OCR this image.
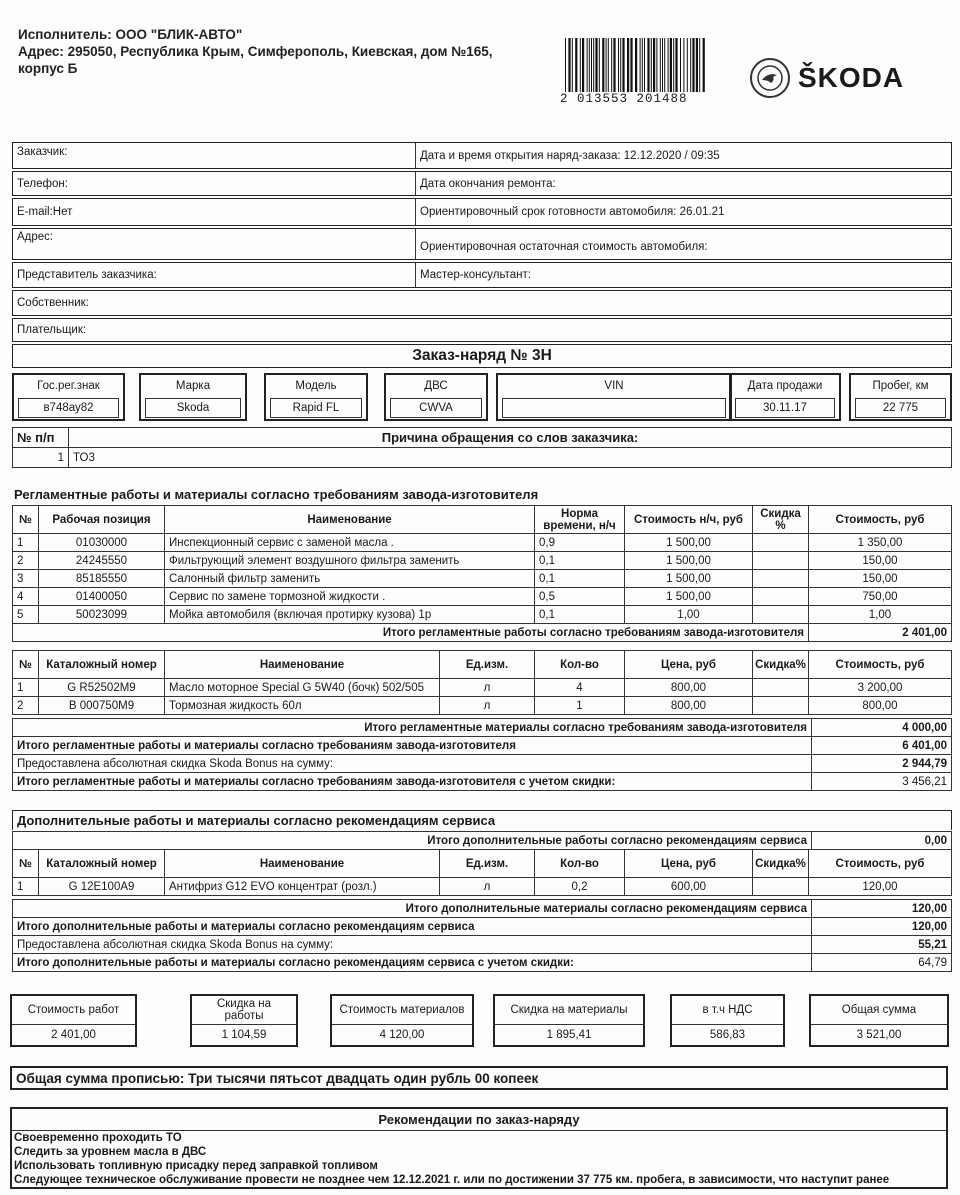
Исполнитель: ООО "БЛИК-АВТО"
Адрес: 295050, Республика Крым, Симферополь, Киевская, дом №165,
корпус Б
2 013553 201488
ŠKODA
Заказчик:	Дата и время открытия наряд-заказа: 12.12.2020 / 09:35
Телефон:	Дата окончания ремонта:
E-mail:Нет	Ориентировочный срок готовности автомобиля: 26.01.21
Адрес:
Ориентировочная остаточная стоимость автомобиля:
Представитель заказчика:	Мастер-консультант:
Собственник:
Плательщик:
Заказ-наряд № 3Н
Гос.рег.знак
в748ау82
Марка
Skoda
Модель
Rapid FL
ДВС
CWVA
VIN	Дата продажи
30.11.17
Пробег, км
22 775
№ п/п	Причина обращения со слов заказчика:
1	ТО3
Регламентные работы и материалы согласно требованиям завода-изготовителя
№	Рабочая позиция	Наименование	Норма времени, н/ч	Стоимость н/ч, руб	Скидка %	Стоимость, руб
1	01030000	Инспекционный сервис с заменой масла .	0,9	1 500,00		1 350,00
2	24245550	Фильтрующий элемент воздушного фильтра заменить	0,1	1 500,00		150,00
3	85185550	Салонный фильтр заменить	0,1	1 500,00		150,00
4	01400050	Сервис по замене тормозной жидкости .	0,5	1 500,00		750,00
5	50023099	Мойка автомобиля (включая протирку кузова) 1р	0,1	1,00		1,00
Итого регламентные работы согласно требованиям завода-изготовителя						2 401,00
№	Каталожный номер	Наименование	Ед.изм.	Кол-во	Цена, руб	Скидка%	Стоимость, руб
1	G R52502M9	Масло моторное Special G 5W40 (бочк) 502/505	л	4	800,00		3 200,00
2	B 000750M9	Тормозная жидкость 60л	л	1	800,00		800,00
Итого регламентные материалы согласно требованиям завода-изготовителя	4 000,00
Итого регламентные работы и материалы согласно требованиям завода-изготовителя	6 401,00
Предоставлена абсолютная скидка Skoda Bonus на сумму:	2 944,79
Итого регламентные работы и материалы согласно требованиям завода-изготовителя с учетом скидки:	3 456,21
Дополнительные работы и материалы согласно рекомендациям сервиса
Итого дополнительные работы согласно рекомендациям сервиса	0,00
№	Каталожный номер	Наименование	Ед.изм.	Кол-во	Цена, руб	Скидка%	Стоимость, руб
1	G 12E100A9	Антифриз G12 EVO концентрат (розл.)	л	0,2	600,00		120,00
Итого дополнительные материалы согласно рекомендациям сервиса	120,00
Итого дополнительные работы и материалы согласно рекомендациям сервиса	120,00
Предоставлена абсолютная скидка Skoda Bonus на сумму:	55,21
Итого дополнительные работы и материалы согласно рекомендациям сервиса с учетом скидки:	64,79
Стоимость работ
2 401,00
Скидка на работы
1 104,59
Стоимость материалов
4 120,00
Скидка на материалы
1 895,41
в т.ч НДС
586,83
Общая сумма
3 521,00
Общая сумма прописью: Три тысячи пятьсот двадцать один рубль 00 копеек
Рекомендации по заказ-наряду
Своевременно проходить ТО
Следить за уровнем масла в ДВС
Использовать топливную присадку перед заправкой топливом
Следующее техническое обслуживание провести не позднее чем 12.12.2021 г. или по достижении 37 775 км. пробега, в зависимости, что наступит ранее
